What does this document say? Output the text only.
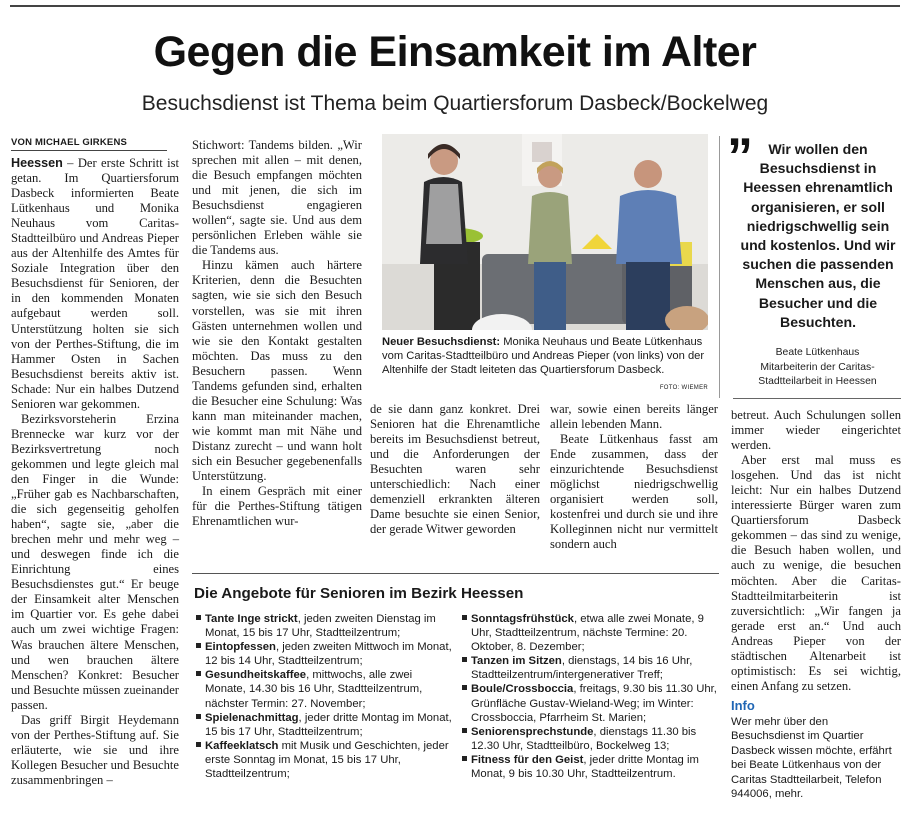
Gegen die Einsamkeit im Alter
Besuchsdienst ist Thema beim Quartiersforum Dasbeck/Bockelweg
VON MICHAEL GIRKENS

Heessen – Der erste Schritt ist getan. Im Quartiersforum Dasbeck informierten Beate Lütkenhaus und Monika Neuhaus vom Caritas-Stadtteilbüro und Andreas Pieper aus der Altenhilfe des Amtes für Soziale Integration über den Besuchsdienst für Senioren, der in den kommenden Monaten aufgebaut werden soll. Unterstützung holten sie sich von der Perthes-Stiftung, die im Hammer Osten in Sachen Besuchsdienst bereits aktiv ist. Schade: Nur ein halbes Dutzend Senioren war gekommen.

Bezirksvorsteherin Erzina Brennecke war kurz vor der Bezirksvertretung noch gekommen und legte gleich mal den Finger in die Wunde: „Früher gab es Nachbarschaften, die sich gegenseitig geholfen haben“, sagte sie, „aber die brechen mehr und mehr weg – und deswegen finde ich die Einrichtung eines Besuchsdienstes gut.“ Er beuge der Einsamkeit alter Menschen im Quartier vor. Es gehe dabei auch um zwei wichtige Fragen: Was brauchen ältere Menschen, und wen brauchen ältere Menschen? Konkret: Besucher und Besuchte müssen zueinander passen.

Das griff Birgit Heydemann von der Perthes-Stiftung auf. Sie erläuterte, wie sie und ihre Kollegen Besucher und Besuchte zusammenbringen –

Stichwort: Tandems bilden. „Wir sprechen mit allen – mit denen, die Besuch empfangen möchten und mit jenen, die sich im Besuchsdienst engagieren wollen“, sagte sie. Und aus dem persönlichen Erleben wähle sie die Tandems aus.

Hinzu kämen auch härtere Kriterien, denn die Besuchten sagten, wie sie sich den Besuch vorstellen, was sie mit ihren Gästen unternehmen wollen und wie sie den Kontakt gestalten möchten. Das muss zu den Besuchern passen. Wenn Tandems gefunden sind, erhalten die Besucher eine Schulung: Was kann man miteinander machen, wie kommt man mit Nähe und Distanz zurecht – und wann holt sich ein Besucher gegebenenfalls Unterstützung.

In einem Gespräch mit einer für die Perthes-Stiftung tätigen Ehrenamtlichen wur-

Neuer Besuchsdienst: Monika Neuhaus und Beate Lütkenhaus vom Caritas-Stadtteilbüro und Andreas Pieper (von links) von der Altenhilfe der Stadt leiteten das Quartiersforum Dasbeck.
FOTO: WIEMER

de sie dann ganz konkret. Drei Senioren hat die Ehrenamtliche bereits im Besuchsdienst betreut, und die Anforderungen der Besuchten waren sehr unterschiedlich: Nach einer demenziell erkrankten älteren Dame besuchte sie einen Senior, der gerade Witwer geworden

war, sowie einen bereits länger allein lebenden Mann.

Beate Lütkenhaus fasst am Ende zusammen, dass der einzurichtende Besuchsdienst möglichst niedrigschwellig organisiert werden soll, kostenfrei und durch sie und ihre Kolleginnen nicht nur vermittelt sondern auch

”	Wir wollen den Besuchsdienst in Heessen ehrenamtlich organisieren, er soll niedrigschwellig sein und kostenlos. Und wir suchen die passenden Menschen aus, die Besucher und die Besuchten.
Beate Lütkenhaus
Mitarbeiterin der Caritas-Stadtteilarbeit in Heessen

betreut. Auch Schulungen sollen immer wieder eingerichtet werden.

Aber erst mal muss es losgehen. Und das ist nicht leicht: Nur ein halbes Dutzend interessierte Bürger waren zum Quartiersforum Dasbeck gekommen – das sind zu wenige, die Besuch haben wollen, und auch zu wenige, die besuchen möchten. Aber die Caritas-Stadtteilmitarbeiterin ist zuversichtlich: „Wir fangen ja gerade erst an.“ Und auch Andreas Pieper von der städtischen Altenarbeit ist optimistisch: Es sei wichtig, einen Anfang zu setzen.

Die Angebote für Senioren im Bezirk Heessen
Tante Inge strickt, jeden zweiten Dienstag im Monat, 15 bis 17 Uhr, Stadtteilzentrum;
Eintopfessen, jeden zweiten Mittwoch im Monat, 12 bis 14 Uhr, Stadtteilzentrum;
Gesundheitskaffee, mittwochs, alle zwei Monate, 14.30 bis 16 Uhr, Stadtteilzentrum, nächster Termin: 27. November;
Spielenachmittag, jeder dritte Montag im Monat, 15 bis 17 Uhr, Stadtteilzentrum;
Kaffeeklatsch mit Musik und Geschichten, jeder erste Sonntag im Monat, 15 bis 17 Uhr, Stadtteilzentrum;
Sonntagsfrühstück, etwa alle zwei Monate, 9 Uhr, Stadtteilzentrum, nächste Termine: 20. Oktober, 8. Dezember;
Tanzen im Sitzen, dienstags, 14 bis 16 Uhr, Stadtteilzentrum/intergenerativer Treff;
Boule/Crossboccia, freitags, 9.30 bis 11.30 Uhr, Grünfläche Gustav-Wieland-Weg; im Winter: Crossboccia, Pfarrheim St. Marien;
Seniorensprechstunde, dienstags 11.30 bis 12.30 Uhr, Stadtteilbüro, Bockelweg 13;
Fitness für den Geist, jeder dritte Montag im Monat, 9 bis 10.30 Uhr, Stadtteilzentrum.
Info
Wer mehr über den Besuchsdienst im Quartier Dasbeck wissen möchte, erfährt bei Beate Lütkenhaus von der Caritas Stadtteilarbeit, Telefon 944006, mehr.
